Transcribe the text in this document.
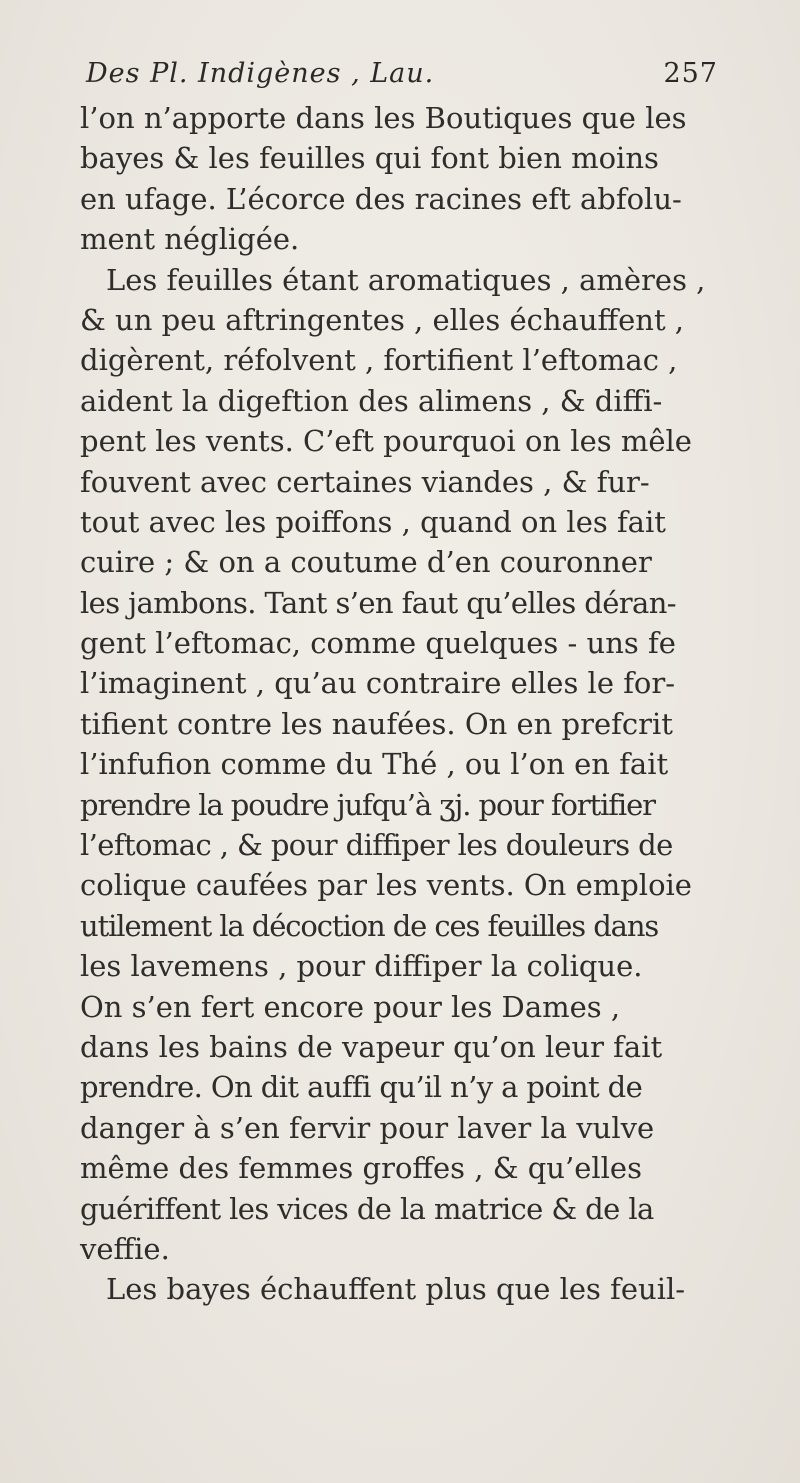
Des Pl. Indigènes , Lau.	257
l’on n’apporte dans les Boutiques que les
bayes & les feuilles qui font bien moins
en ufage. L’écorce des racines eft abfolu-
ment négligée.
Les feuilles étant aromatiques , amères ,
& un peu aftringentes , elles échauffent ,
digèrent, réfolvent , fortifient l’eftomac ,
aident la digeftion des alimens , & diffi-
pent les vents. C’eft pourquoi on les mêle
fouvent avec certaines viandes , & fur-
tout avec les poiffons , quand on les fait
cuire ; & on a coutume d’en couronner
les jambons. Tant s’en faut qu’elles déran-
gent l’eftomac, comme quelques - uns fe
l’imaginent , qu’au contraire elles le for-
tifient contre les naufées. On en prefcrit
l’infufion comme du Thé , ou l’on en fait
prendre la poudre jufqu’à ʒj. pour fortifier
l’eftomac , & pour diffiper les douleurs de
colique caufées par les vents. On emploie
utilement la décoction de ces feuilles dans
les lavemens , pour diffiper la colique.
On s’en fert encore pour les Dames ,
dans les bains de vapeur qu’on leur fait
prendre. On dit auffi qu’il n’y a point de
danger à s’en fervir pour laver la vulve
même des femmes groffes , & qu’elles
guériffent les vices de la matrice & de la
veffie.
Les bayes échauffent plus que les feuil-
